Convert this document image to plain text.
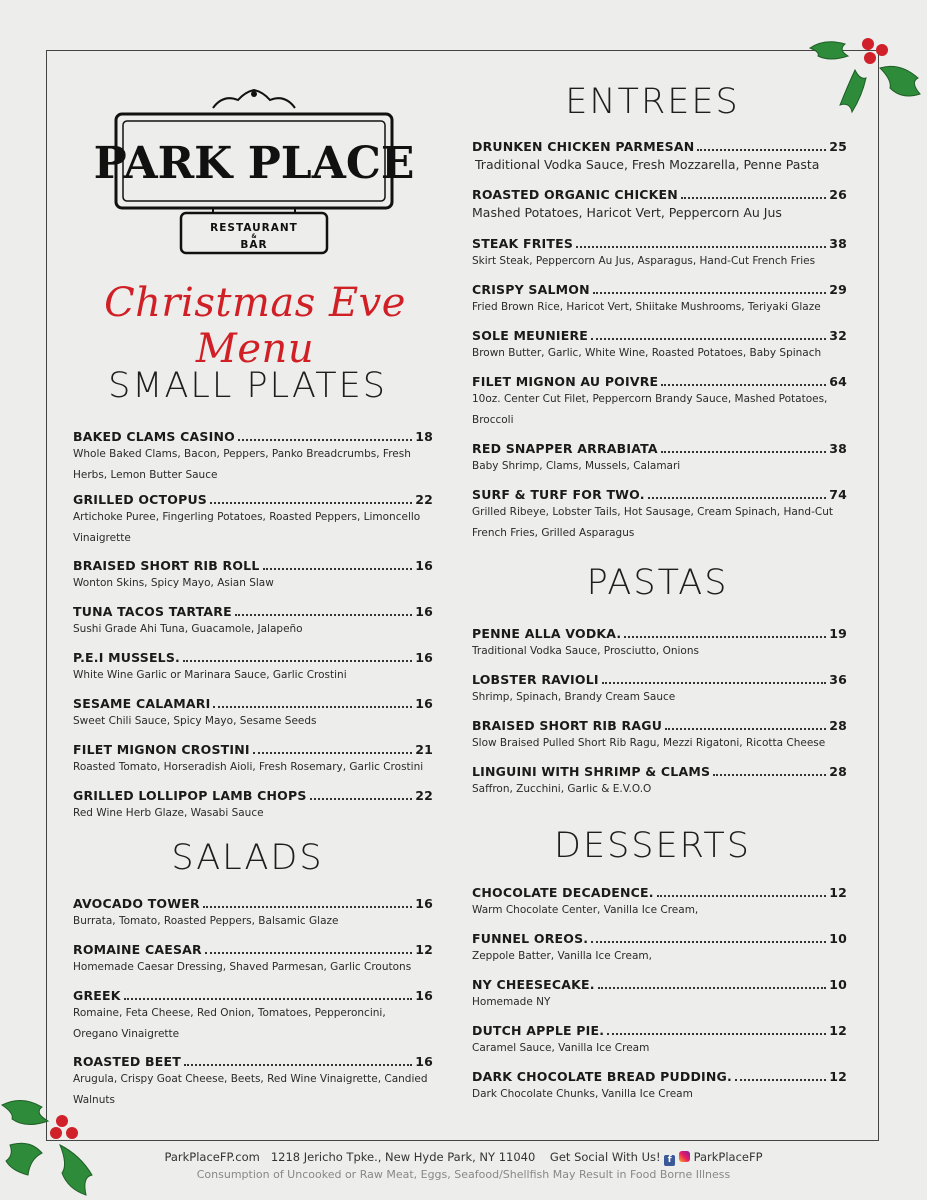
PARK PLACE
RESTAURANT
&
BAR
Christmas Eve Menu
SMALL PLATES
SALADS
ENTREES
PASTAS
DESSERTS
BAKED CLAMS CASINO	18
Whole Baked Clams, Bacon, Peppers, Panko Breadcrumbs, Fresh Herbs, Lemon Butter Sauce
GRILLED OCTOPUS	22
Artichoke Puree, Fingerling Potatoes, Roasted Peppers, Limoncello Vinaigrette
BRAISED SHORT RIB ROLL	16
Wonton Skins, Spicy Mayo, Asian Slaw
TUNA TACOS TARTARE	16
Sushi Grade Ahi Tuna, Guacamole, Jalapeño
P.E.I MUSSELS.	16
White Wine Garlic or Marinara Sauce, Garlic Crostini
SESAME CALAMARI	16
Sweet Chili Sauce, Spicy Mayo, Sesame Seeds
FILET MIGNON CROSTINI	21
Roasted Tomato, Horseradish Aioli, Fresh Rosemary, Garlic Crostini
GRILLED LOLLIPOP LAMB CHOPS	22
Red Wine Herb Glaze, Wasabi Sauce
AVOCADO TOWER	16
Burrata, Tomato, Roasted Peppers, Balsamic Glaze
ROMAINE CAESAR	12
Homemade Caesar Dressing, Shaved Parmesan, Garlic Croutons
GREEK	16
Romaine, Feta Cheese, Red Onion, Tomatoes, Pepperoncini, Oregano Vinaigrette
ROASTED BEET	16
Arugula, Crispy Goat Cheese, Beets, Red Wine Vinaigrette, Candied Walnuts
DRUNKEN CHICKEN PARMESAN	25
Traditional Vodka Sauce, Fresh Mozzarella, Penne Pasta
ROASTED ORGANIC CHICKEN	26
Mashed Potatoes, Haricot Vert, Peppercorn Au Jus
STEAK FRITES	38
Skirt Steak, Peppercorn Au Jus, Asparagus, Hand-Cut French Fries
CRISPY SALMON	29
Fried Brown Rice, Haricot Vert, Shiitake Mushrooms, Teriyaki Glaze
SOLE MEUNIERE	32
Brown Butter, Garlic, White Wine, Roasted Potatoes, Baby Spinach
FILET MIGNON AU POIVRE	64
10oz. Center Cut Filet, Peppercorn Brandy Sauce, Mashed Potatoes, Broccoli
RED SNAPPER ARRABIATA	38
Baby Shrimp, Clams, Mussels, Calamari
SURF & TURF FOR TWO.	74
Grilled Ribeye, Lobster Tails, Hot Sausage, Cream Spinach, Hand-Cut French Fries, Grilled Asparagus
PENNE ALLA VODKA.	19
Traditional Vodka Sauce, Prosciutto, Onions
LOBSTER RAVIOLI	36
Shrimp, Spinach, Brandy Cream Sauce
BRAISED SHORT RIB RAGU	28
Slow Braised Pulled Short Rib Ragu, Mezzi Rigatoni, Ricotta Cheese
LINGUINI WITH SHRIMP & CLAMS	28
Saffron, Zucchini, Garlic & E.V.O.O
CHOCOLATE DECADENCE.	12
Warm Chocolate Center, Vanilla Ice Cream,
FUNNEL OREOS.	10
Zeppole Batter, Vanilla Ice Cream,
NY CHEESECAKE.	10
Homemade NY
DUTCH APPLE PIE.	12
Caramel Sauce, Vanilla Ice Cream
DARK CHOCOLATE BREAD PUDDING.	12
Dark Chocolate Chunks, Vanilla Ice Cream
ParkPlaceFP.com 1218 Jericho Tpke., New Hyde Park, NY 11040 Get Social With Us! f ParkPlaceFP
Consumption of Uncooked or Raw Meat, Eggs, Seafood/Shellfish May Result in Food Borne Illness
